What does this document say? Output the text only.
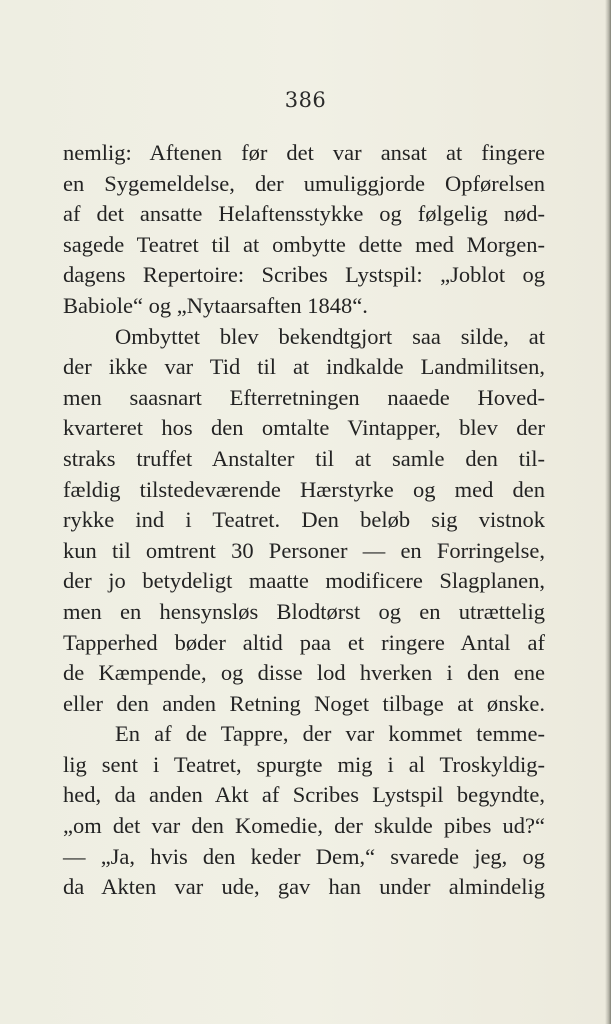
386
nemlig: Aftenen før det var ansat at fingere
en Sygemeldelse, der umuliggjorde Opførelsen
af det ansatte Helaftensstykke og følgelig nød-
sagede Teatret til at ombytte dette med Morgen-
dagens Repertoire: Scribes Lystspil: „Joblot og
Babiole“ og „Nytaarsaften 1848“.
Ombyttet blev bekendtgjort saa silde, at
der ikke var Tid til at indkalde Landmilitsen,
men saasnart Efterretningen naaede Hoved-
kvarteret hos den omtalte Vintapper, blev der
straks truffet Anstalter til at samle den til-
fældig tilstedeværende Hærstyrke og med den
rykke ind i Teatret. Den beløb sig vistnok
kun til omtrent 30 Personer — en Forringelse,
der jo betydeligt maatte modificere Slagplanen,
men en hensynsløs Blodtørst og en utrættelig
Tapperhed bøder altid paa et ringere Antal af
de Kæmpende, og disse lod hverken i den ene
eller den anden Retning Noget tilbage at ønske.
En af de Tappre, der var kommet temme-
lig sent i Teatret, spurgte mig i al Troskyldig-
hed, da anden Akt af Scribes Lystspil begyndte,
„om det var den Komedie, der skulde pibes ud?“
— „Ja, hvis den keder Dem,“ svarede jeg, og
da Akten var ude, gav han under almindelig
